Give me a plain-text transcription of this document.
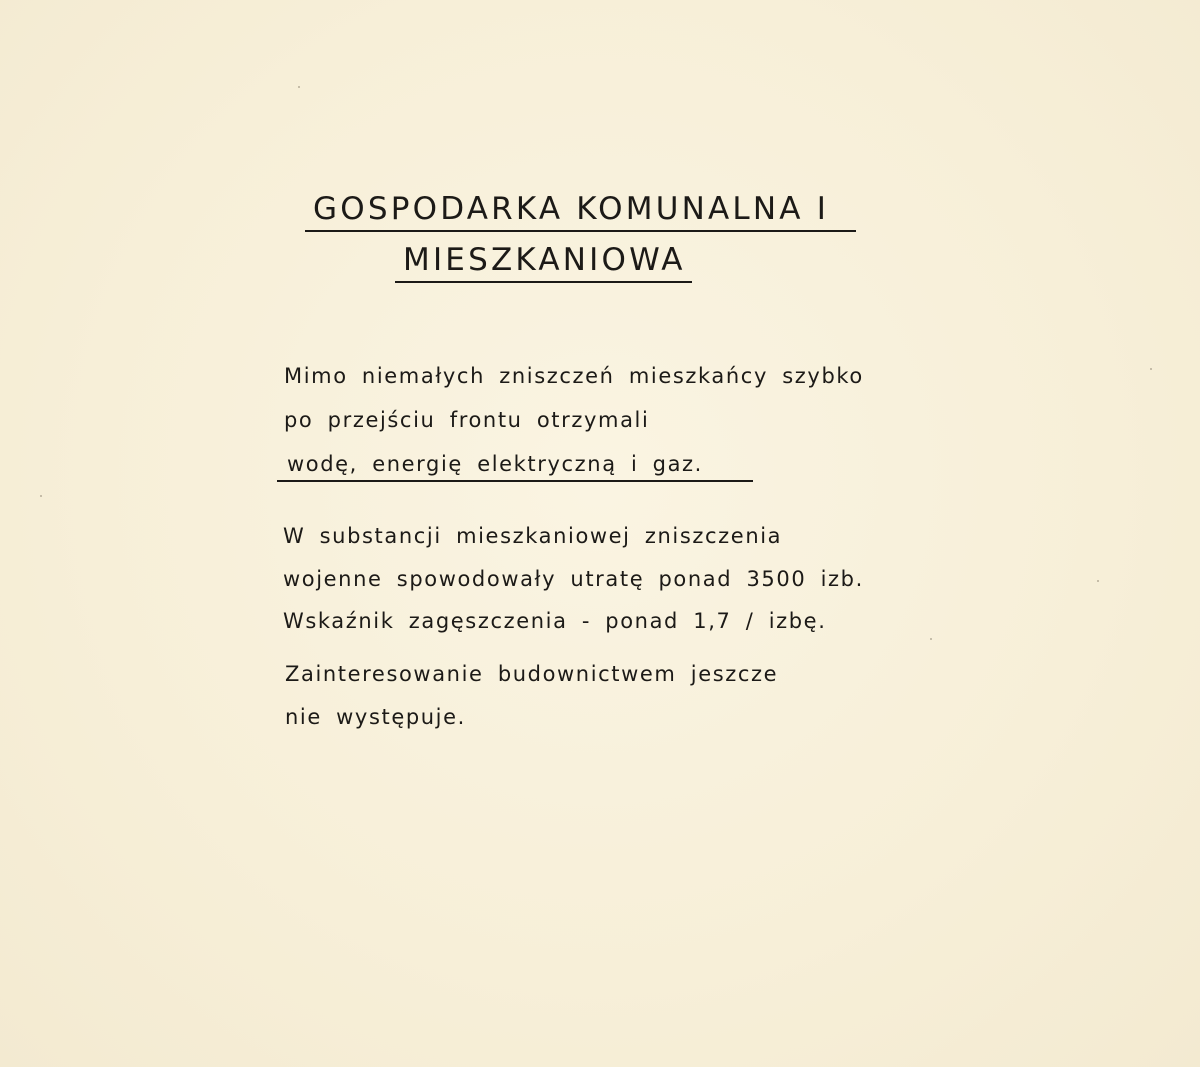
GOSPODARKA KOMUNALNA I
MIESZKANIOWA
Mimo niemałych zniszczeń mieszkańcy szybko
po przejściu frontu otrzymali
wodę, energię elektryczną i gaz.
W substancji mieszkaniowej zniszczenia
wojenne spowodowały utratę ponad 3500 izb.
Wskaźnik zagęszczenia - ponad 1,7 / izbę.
Zainteresowanie budownictwem jeszcze
nie występuje.
